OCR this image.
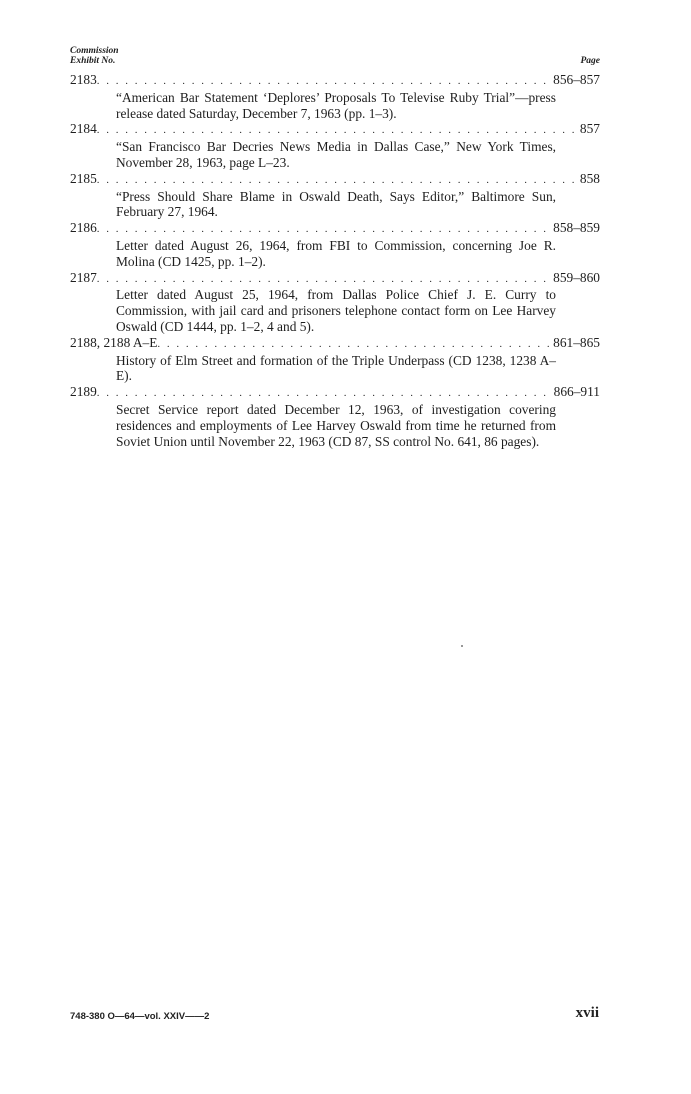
Commission
Exhibit No.	Page
2183 . . .	856–857
“American Bar Statement ‘Deplores’ Proposals To Televise Ruby Trial”—press release dated Saturday, December 7, 1963 (pp. 1–3).
2184 . . .	857
“San Francisco Bar Decries News Media in Dallas Case,” New York Times, November 28, 1963, page L–23.
2185 . . .	858
“Press Should Share Blame in Oswald Death, Says Editor,” Baltimore Sun, February 27, 1964.
2186 . . .	858–859
Letter dated August 26, 1964, from FBI to Commission, concerning Joe R. Molina (CD 1425, pp. 1–2).
2187 . . .	859–860
Letter dated August 25, 1964, from Dallas Police Chief J. E. Curry to Commission, with jail card and prisoners telephone contact form on Lee Harvey Oswald (CD 1444, pp. 1–2, 4 and 5).
2188, 2188 A–E . . .	861–865
History of Elm Street and formation of the Triple Underpass (CD 1238, 1238 A–E).
2189 . . .	866–911
Secret Service report dated December 12, 1963, of investigation covering residences and employments of Lee Harvey Oswald from time he returned from Soviet Union until November 22, 1963 (CD 87, SS control No. 641, 86 pages).
748-380 O—64—vol. XXIV——2	xvii
